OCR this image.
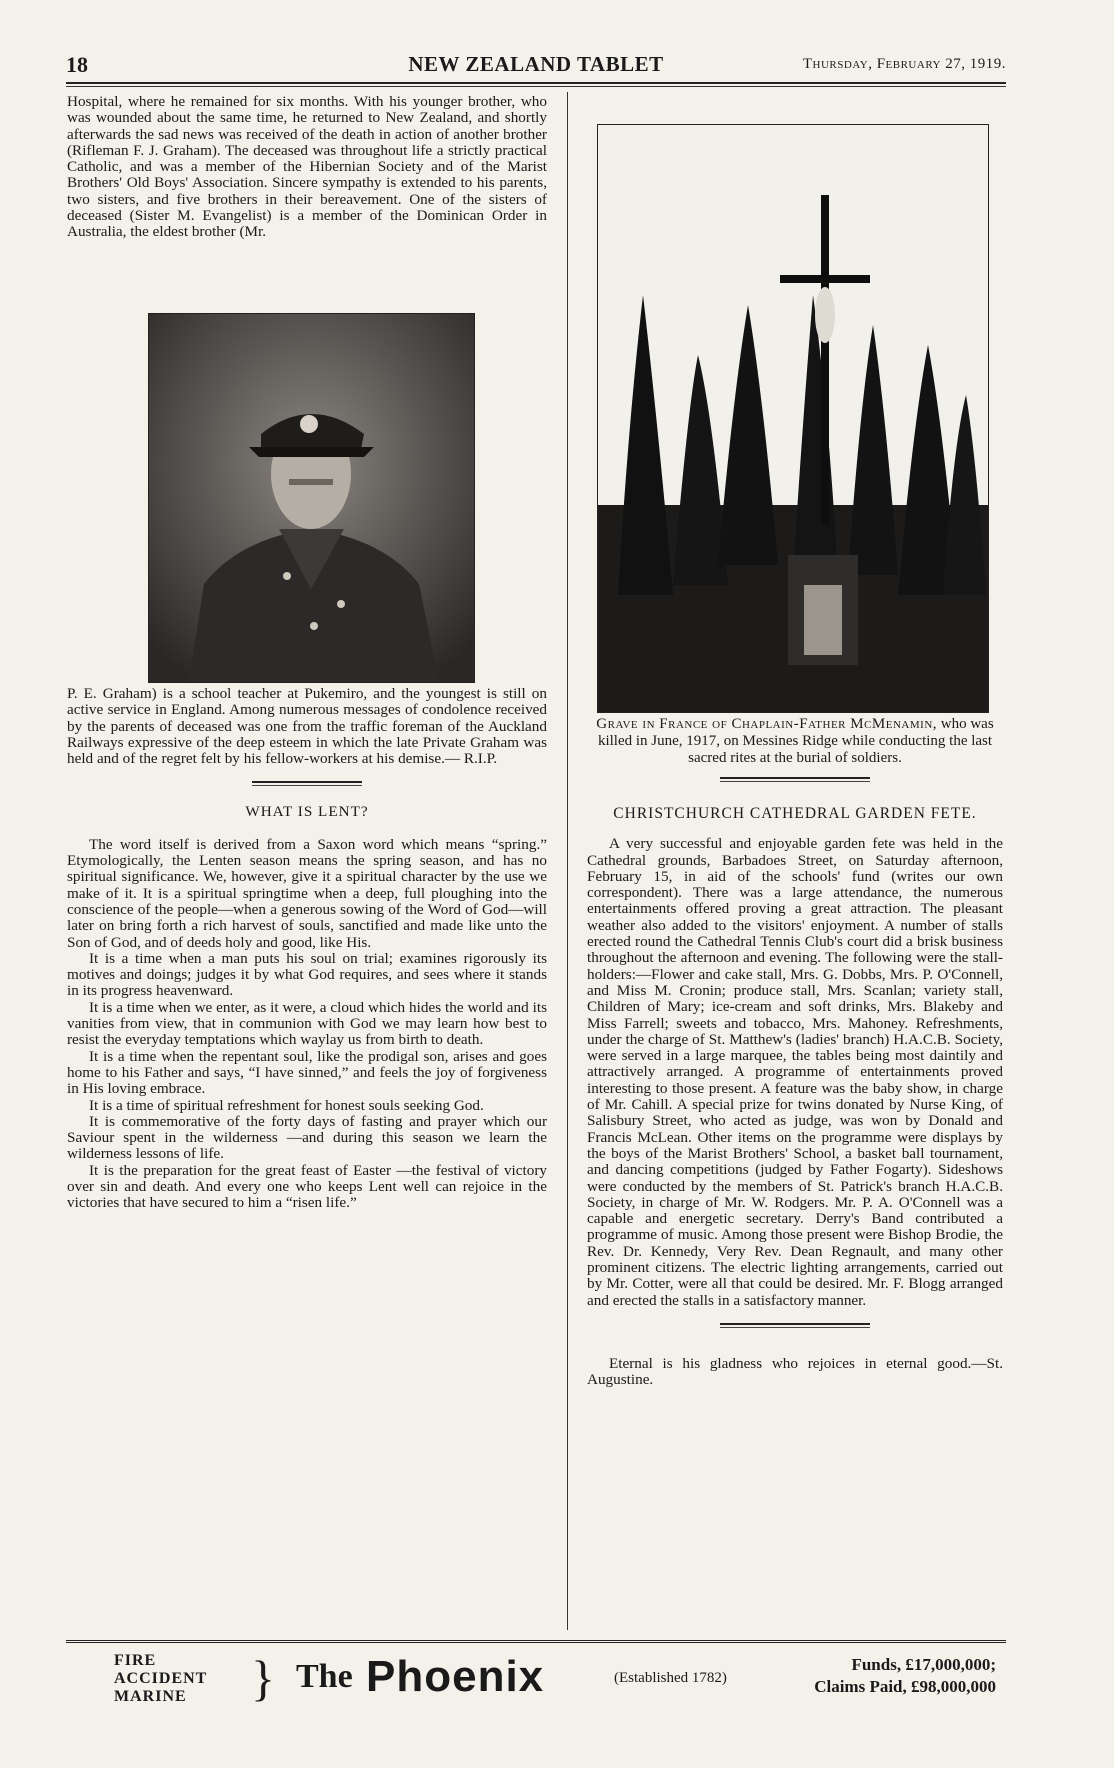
18	NEW ZEALAND TABLET	Thursday, February 27, 1919.

Hospital, where he remained for six months. With his younger brother, who was wounded about the same time, he returned to New Zealand, and shortly afterwards the sad news was received of the death in action of another brother (Rifleman F. J. Graham). The deceased was throughout life a strictly practical Catholic, and was a member of the Hibernian Society and of the Marist Brothers' Old Boys' Association. Sincere sympathy is extended to his parents, two sisters, and five brothers in their bereavement. One of the sisters of deceased (Sister M. Evangelist) is a member of the Dominican Order in Australia, the eldest brother (Mr.

P. E. Graham) is a school teacher at Pukemiro, and the youngest is still on active service in England. Among numerous messages of condolence received by the parents of deceased was one from the traffic foreman of the Auckland Railways expressive of the deep esteem in which the late Private Graham was held and of the regret felt by his fellow-workers at his demise.— R.I.P.

WHAT IS LENT?

The word itself is derived from a Saxon word which means “spring.” Etymologically, the Lenten season means the spring season, and has no spiritual significance. We, however, give it a spiritual character by the use we make of it. It is a spiritual springtime when a deep, full ploughing into the conscience of the people—when a generous sowing of the Word of God—will later on bring forth a rich harvest of souls, sanctified and made like unto the Son of God, and of deeds holy and good, like His.

It is a time when a man puts his soul on trial; examines rigorously its motives and doings; judges it by what God requires, and sees where it stands in its progress heavenward.

It is a time when we enter, as it were, a cloud which hides the world and its vanities from view, that in communion with God we may learn how best to resist the everyday temptations which waylay us from birth to death.

It is a time when the repentant soul, like the prodigal son, arises and goes home to his Father and says, “I have sinned,” and feels the joy of forgiveness in His loving embrace.

It is a time of spiritual refreshment for honest souls seeking God.

It is commemorative of the forty days of fasting and prayer which our Saviour spent in the wilderness —and during this season we learn the wilderness lessons of life.

It is the preparation for the great feast of Easter —the festival of victory over sin and death. And every one who keeps Lent well can rejoice in the victories that have secured to him a “risen life.”

Grave in France of Chaplain-Father McMenamin, who was killed in June, 1917, on Messines Ridge while conducting the last sacred rites at the burial of soldiers.

CHRISTCHURCH CATHEDRAL GARDEN FETE.

A very successful and enjoyable garden fete was held in the Cathedral grounds, Barbadoes Street, on Saturday afternoon, February 15, in aid of the schools' fund (writes our own correspondent). There was a large attendance, the numerous entertainments offered proving a great attraction. The pleasant weather also added to the visitors' enjoyment. A number of stalls erected round the Cathedral Tennis Club's court did a brisk business throughout the afternoon and evening. The following were the stall-holders:—Flower and cake stall, Mrs. G. Dobbs, Mrs. P. O'Connell, and Miss M. Cronin; produce stall, Mrs. Scanlan; variety stall, Children of Mary; ice-cream and soft drinks, Mrs. Blakeby and Miss Farrell; sweets and tobacco, Mrs. Mahoney. Refreshments, under the charge of St. Matthew's (ladies' branch) H.A.C.B. Society, were served in a large marquee, the tables being most daintily and attractively arranged. A programme of entertainments proved interesting to those present. A feature was the baby show, in charge of Mr. Cahill. A special prize for twins donated by Nurse King, of Salisbury Street, who acted as judge, was won by Donald and Francis McLean. Other items on the programme were displays by the boys of the Marist Brothers' School, a basket ball tournament, and dancing competitions (judged by Father Fogarty). Sideshows were conducted by the members of St. Patrick's branch H.A.C.B. Society, in charge of Mr. W. Rodgers. Mr. P. A. O'Connell was a capable and energetic secretary. Derry's Band contributed a programme of music. Among those present were Bishop Brodie, the Rev. Dr. Kennedy, Very Rev. Dean Regnault, and many other prominent citizens. The electric lighting arrangements, carried out by Mr. Cotter, were all that could be desired. Mr. F. Blogg arranged and erected the stalls in a satisfactory manner.

Eternal is his gladness who rejoices in eternal good.—St. Augustine.

FIRE
ACCIDENT
MARINE	} The Phoenix	(Established 1782)
Funds, £17,000,000;
Claims Paid, £98,000,000
